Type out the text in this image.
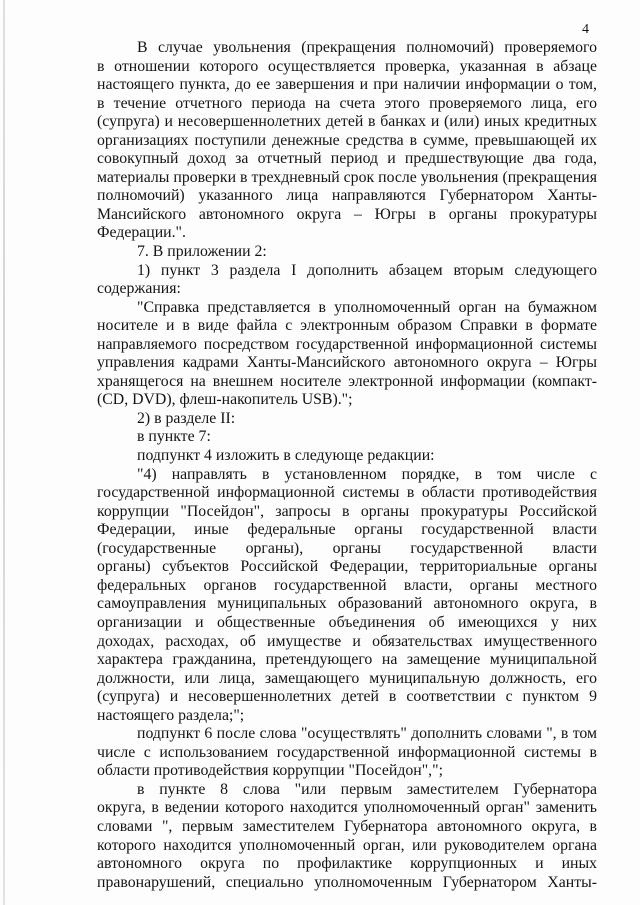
4
В случае увольнения (прекращения полномочий) проверяемого
в отношении которого осуществляется проверка, указанная в абзаце
настоящего пункта, до ее завершения и при наличии информации о том,
в течение отчетного периода на счета этого проверяемого лица, его
(супруга) и несовершеннолетних детей в банках и (или) иных кредитных
организациях поступили денежные средства в сумме, превышающей их
совокупный доход за отчетный период и предшествующие два года,
материалы проверки в трехдневный срок после увольнения (прекращения
полномочий) указанного лица направляются Губернатором Ханты-
Мансийского автономного округа – Югры в органы прокуратуры
Федерации.".
7. В приложении 2:
1) пункт 3 раздела I дополнить абзацем вторым следующего
содержания:
"Справка представляется в уполномоченный орган на бумажном
носителе и в виде файла с электронным образом Справки в формате
направляемого посредством государственной информационной системы
управления кадрами Ханты-Мансийского автономного округа – Югры
хранящегося на внешнем носителе электронной информации (компакт-
(CD, DVD), флеш-накопитель USB).";
2) в разделе II:
в пункте 7:
подпункт 4 изложить в следующе редакции:
"4) направлять в установленном порядке, в том числе с
государственной информационной системы в области противодействия
коррупции "Посейдон", запросы в органы прокуратуры Российской
Федерации, иные федеральные органы государственной власти
(государственные органы), органы государственной власти
органы) субъектов Российской Федерации, территориальные органы
федеральных органов государственной власти, органы местного
самоуправления муниципальных образований автономного округа, в
организации и общественные объединения об имеющихся у них
доходах, расходах, об имуществе и обязательствах имущественного
характера гражданина, претендующего на замещение муниципальной
должности, или лица, замещающего муниципальную должность, его
(супруга) и несовершеннолетних детей в соответствии с пунктом 9
настоящего раздела;";
подпункт 6 после слова "осуществлять" дополнить словами ", в том
числе с использованием государственной информационной системы в
области противодействия коррупции "Посейдон",";
в пункте 8 слова "или первым заместителем Губернатора
округа, в ведении которого находится уполномоченный орган" заменить
словами ", первым заместителем Губернатора автономного округа, в
которого находится уполномоченный орган, или руководителем органа
автономного округа по профилактике коррупционных и иных
правонарушений, специально уполномоченным Губернатором Ханты-
